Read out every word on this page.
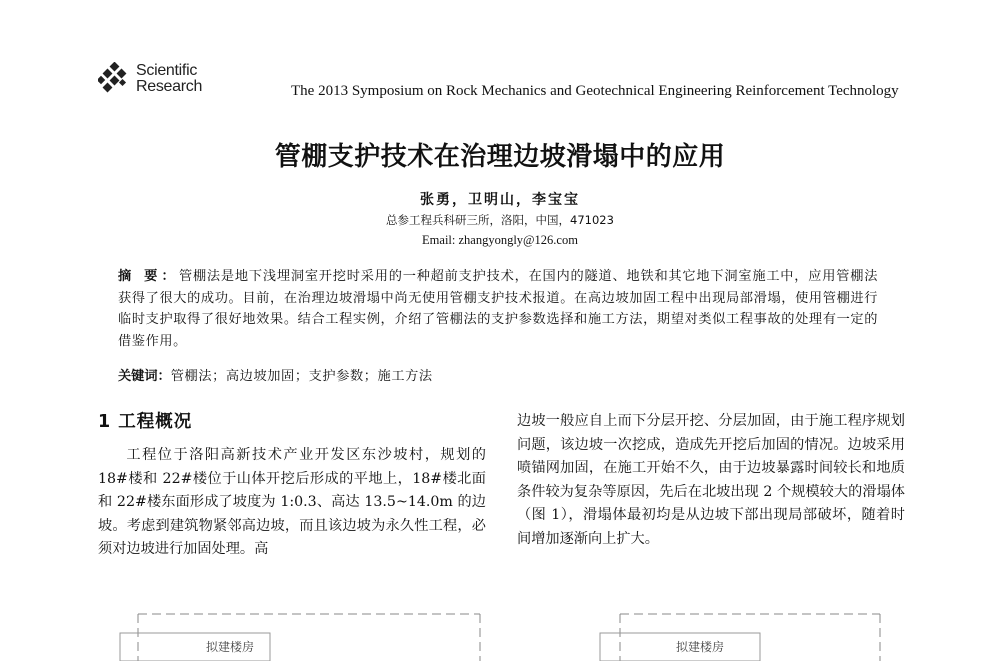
Scientific
Research	The 2013 Symposium on Rock Mechanics and Geotechnical Engineering Reinforcement Technology
管棚支护技术在治理边坡滑塌中的应用
张勇，卫明山，李宝宝
总参工程兵科研三所，洛阳，中国，471023
Email: zhangyongly@126.com
摘 要：管棚法是地下浅埋洞室开挖时采用的一种超前支护技术，在国内的隧道、地铁和其它地下洞室施工中，应用管棚法获得了很大的成功。目前，在治理边坡滑塌中尚无使用管棚支护技术报道。在高边坡加固工程中出现局部滑塌，使用管棚进行临时支护取得了很好地效果。结合工程实例，介绍了管棚法的支护参数选择和施工方法，期望对类似工程事故的处理有一定的借鉴作用。
关键词：管棚法；高边坡加固；支护参数；施工方法
1 工程概况
工程位于洛阳高新技术产业开发区东沙坡村，规划的 18#楼和 22#楼位于山体开挖后形成的平地上，18#楼北面和 22#楼东面形成了坡度为 1:0.3、高达 13.5~14.0m 的边坡。考虑到建筑物紧邻高边坡，而且该边坡为永久性工程，必须对边坡进行加固处理。高
边坡一般应自上而下分层开挖、分层加固，由于施工程序规划问题，该边坡一次挖成，造成先开挖后加固的情况。边坡采用喷锚网加固，在施工开始不久，由于边坡暴露时间较长和地质条件较为复杂等原因，先后在北坡出现 2 个规模较大的滑塌体（图 1），滑塌体最初均是从边坡下部出现局部破坏，随着时间增加逐渐向上扩大。
拟建楼房	拟建楼房
